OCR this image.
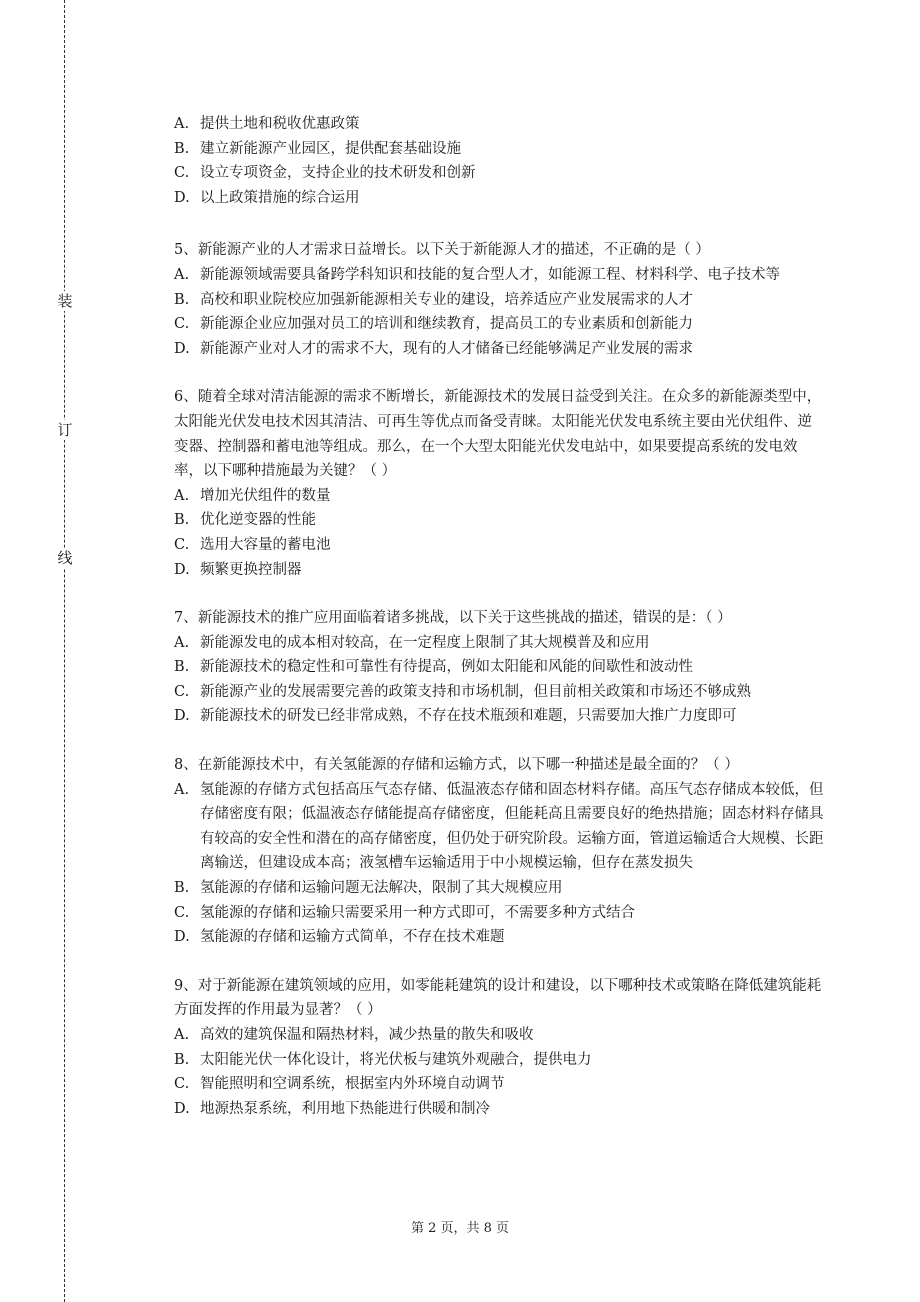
装
订
线
A. 提供土地和税收优惠政策
B. 建立新能源产业园区，提供配套基础设施
C. 设立专项资金，支持企业的技术研发和创新
D. 以上政策措施的综合运用

5、新能源产业的人才需求日益增长。以下关于新能源人才的描述，不正确的是（ ）

A. 新能源领域需要具备跨学科知识和技能的复合型人才，如能源工程、材料科学、电子技术等
B. 高校和职业院校应加强新能源相关专业的建设，培养适应产业发展需求的人才
C. 新能源企业应加强对员工的培训和继续教育，提高员工的专业素质和创新能力
D. 新能源产业对人才的需求不大，现有的人才储备已经能够满足产业发展的需求

6、随着全球对清洁能源的需求不断增长，新能源技术的发展日益受到关注。在众多的新能源类型中，太阳能光伏发电技术因其清洁、可再生等优点而备受青睐。太阳能光伏发电系统主要由光伏组件、逆变器、控制器和蓄电池等组成。那么，在一个大型太阳能光伏发电站中，如果要提高系统的发电效率，以下哪种措施最为关键？（ ）

A. 增加光伏组件的数量
B. 优化逆变器的性能
C. 选用大容量的蓄电池
D. 频繁更换控制器

7、新能源技术的推广应用面临着诸多挑战，以下关于这些挑战的描述，错误的是：（ ）

A. 新能源发电的成本相对较高，在一定程度上限制了其大规模普及和应用
B. 新能源技术的稳定性和可靠性有待提高，例如太阳能和风能的间歇性和波动性
C. 新能源产业的发展需要完善的政策支持和市场机制，但目前相关政策和市场还不够成熟
D. 新能源技术的研发已经非常成熟，不存在技术瓶颈和难题，只需要加大推广力度即可

8、在新能源技术中，有关氢能源的存储和运输方式，以下哪一种描述是最全面的？（ ）

A. 氢能源的存储方式包括高压气态存储、低温液态存储和固态材料存储。高压气态存储成本较低，但存储密度有限；低温液态存储能提高存储密度，但能耗高且需要良好的绝热措施；固态材料存储具有较高的安全性和潜在的高存储密度，但仍处于研究阶段。运输方面，管道运输适合大规模、长距离输送，但建设成本高；液氢槽车运输适用于中小规模运输，但存在蒸发损失
B. 氢能源的存储和运输问题无法解决，限制了其大规模应用
C. 氢能源的存储和运输只需要采用一种方式即可，不需要多种方式结合
D. 氢能源的存储和运输方式简单，不存在技术难题

9、对于新能源在建筑领域的应用，如零能耗建筑的设计和建设，以下哪种技术或策略在降低建筑能耗方面发挥的作用最为显著？（ ）

A. 高效的建筑保温和隔热材料，减少热量的散失和吸收
B. 太阳能光伏一体化设计，将光伏板与建筑外观融合，提供电力
C. 智能照明和空调系统，根据室内外环境自动调节
D. 地源热泵系统，利用地下热能进行供暖和制冷
第 2 页，共 8 页
